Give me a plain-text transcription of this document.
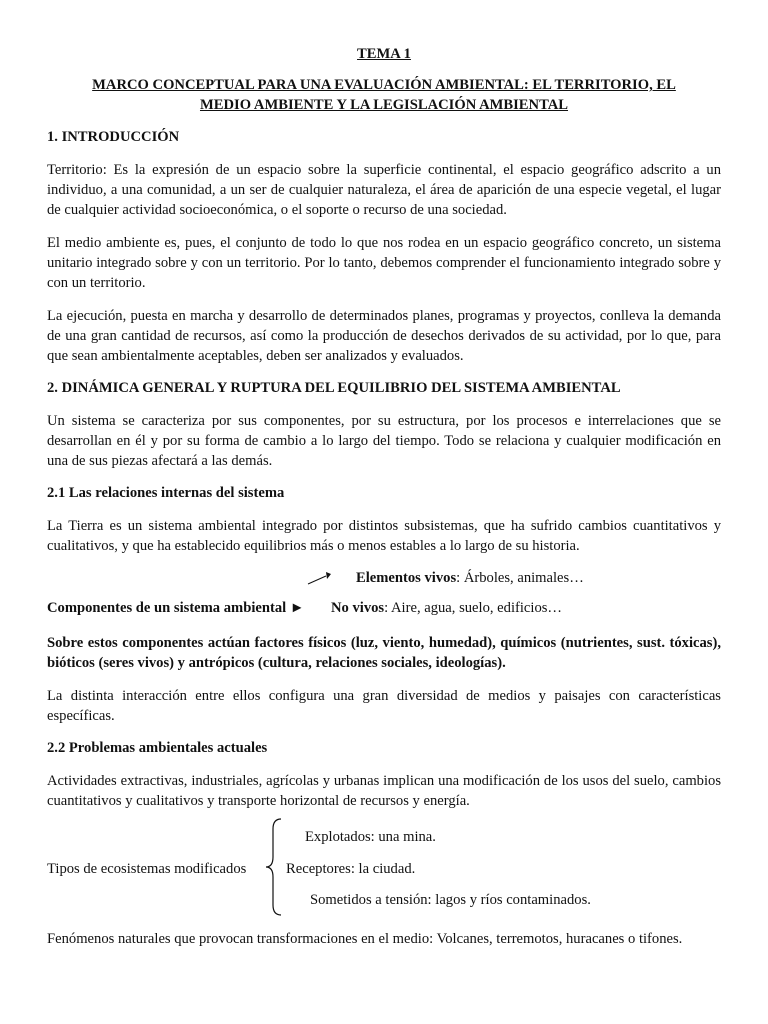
TEMA 1
MARCO CONCEPTUAL PARA UNA EVALUACIÓN AMBIENTAL: EL TERRITORIO, EL
MEDIO AMBIENTE Y LA LEGISLACIÓN AMBIENTAL
1. INTRODUCCIÓN

Territorio: Es la expresión de un espacio sobre la superficie continental, el espacio geográfico adscrito a un individuo, a una comunidad, a un ser de cualquier naturaleza, el área de aparición de una especie vegetal, el lugar de cualquier actividad socioeconómica, o el soporte o recurso de una sociedad.

El medio ambiente es, pues, el conjunto de todo lo que nos rodea en un espacio geográfico concreto, un sistema unitario integrado sobre y con un territorio. Por lo tanto, debemos comprender el funcionamiento integrado sobre y con un territorio.

La ejecución, puesta en marcha y desarrollo de determinados planes, programas y proyectos, conlleva la demanda de una gran cantidad de recursos, así como la producción de desechos derivados de su actividad, por lo que, para que sean ambientalmente aceptables, deben ser analizados y evaluados.

2. DINÁMICA GENERAL Y RUPTURA DEL EQUILIBRIO DEL SISTEMA AMBIENTAL

Un sistema se caracteriza por sus componentes, por su estructura, por los procesos e interrelaciones que se desarrollan en él y por su forma de cambio a lo largo del tiempo. Todo se relaciona y cualquier modificación en una de sus piezas afectará a las demás.

2.1 Las relaciones internas del sistema

La Tierra es un sistema ambiental integrado por distintos subsistemas, que ha sufrido cambios cuantitativos y cualitativos, y que ha establecido equilibrios más o menos estables a lo largo de su historia.

Elementos vivos: Árboles, animales…
Componentes de un sistema ambiental ► No vivos: Aire, agua, suelo, edificios…

Sobre estos componentes actúan factores físicos (luz, viento, humedad), químicos (nutrientes, sust. tóxicas), bióticos (seres vivos) y antrópicos (cultura, relaciones sociales, ideologías).

La distinta interacción entre ellos configura una gran diversidad de medios y paisajes con características específicas.

2.2 Problemas ambientales actuales

Actividades extractivas, industriales, agrícolas y urbanas implican una modificación de los usos del suelo, cambios cuantitativos y cualitativos y transporte horizontal de recursos y energía.

Tipos de ecosistemas modificados
Explotados: una mina.
Receptores: la ciudad.
Sometidos a tensión: lagos y ríos contaminados.

Fenómenos naturales que provocan transformaciones en el medio: Volcanes, terremotos, huracanes o tifones.
